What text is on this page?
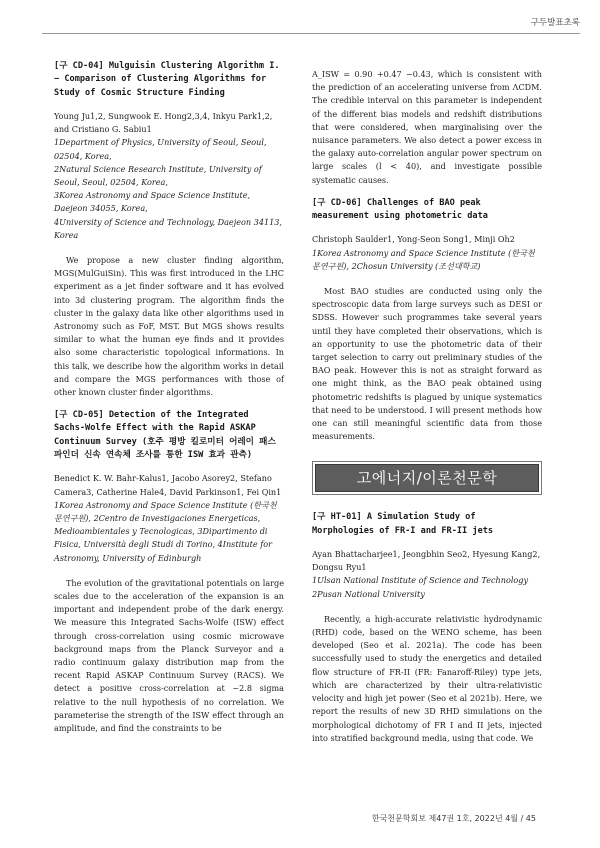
구두발표초록

[구 CD-04] Mulguisin Clustering Algorithm I. − Comparison of Clustering Algorithms for Study of Cosmic Structure Finding

Young Ju1,2, Sungwook E. Hong2,3,4, Inkyu Park1,2, and Cristiano G. Sabiu1
1Department of Physics, University of Seoul, Seoul, 02504, Korea,
2Natural Science Research Institute, University of Seoul, Seoul, 02504, Korea,
3Korea Astronomy and Space Science Institute, Daejeon 34055, Korea,
4University of Science and Technology, Daejeon 34113, Korea
We propose a new cluster finding algorithm, MGS(MulGuiSin). This was first introduced in the LHC experiment as a jet finder software and it has evolved into 3d clustering program. The algorithm finds the cluster in the galaxy data like other algorithms used in Astronomy such as FoF, MST. But MGS shows results similar to what the human eye finds and it provides also some characteristic topological informations. In this talk, we describe how the algorithm works in detail and compare the MGS performances with those of other known cluster finder algorithms.

[구 CD-05] Detection of the Integrated Sachs-Wolfe Effect with the Rapid ASKAP Continuum Survey (호주 평방 킬로미터 어레이 패스파인더 신속 연속체 조사를 통한 ISW 효과 관측)

Benedict K. W. Bahr-Kalus1, Jacobo Asorey2, Stefano Camera3, Catherine Hale4, David Parkinson1, Fei Qin1
1Korea Astronomy and Space Science Institute (한국천문연구원), 2Centro de Investigaciones Energeticas, Medioambientales y Tecnologicas, 3Dipartimento di Fisica, Università degli Studi di Torino, 4Institute for Astronomy, University of Edinburgh
The evolution of the gravitational potentials on large scales due to the acceleration of the expansion is an important and independent probe of the dark energy. We measure this Integrated Sachs-Wolfe (ISW) effect through cross-correlation using cosmic microwave background maps from the Planck Surveyor and a radio continuum galaxy distribution map from the recent Rapid ASKAP Continuum Survey (RACS). We detect a positive cross-correlation at ~2.8 sigma relative to the null hypothesis of no correlation. We parameterise the strength of the ISW effect through an amplitude, and find the constraints to be
A_ISW = 0.90 +0.47 −0.43, which is consistent with the prediction of an accelerating universe from ΛCDM. The credible interval on this parameter is independent of the different bias models and redshift distributions that were considered, when marginalising over the nuisance parameters. We also detect a power excess in the galaxy auto-correlation angular power spectrum on large scales (l < 40), and investigate possible systematic causes.

[구 CD-06] Challenges of BAO peak measurement using photometric data

Christoph Saulder1, Yong-Seon Song1, Minji Oh2
1Korea Astronomy and Space Science Institute (한국천문연구원), 2Chosun University (조선대학교)
Most BAO studies are conducted using only the spectroscopic data from large surveys such as DESI or SDSS. However such programmes take several years until they have completed their observations, which is an opportunity to use the photometric data of their target selection to carry out preliminary studies of the BAO peak. However this is not as straight forward as one might think, as the BAO peak obtained using photometric redshifts is plagued by unique systematics that need to be understood. I will present methods how one can still meaningful scientific data from those measurements.
고에너지/이론천문학

[구 HT-01] A Simulation Study of Morphologies of FR-I and FR-II jets

Ayan Bhattacharjee1, Jeongbhin Seo2, Hyesung Kang2, Dongsu Ryu1
1Ulsan National Institute of Science and Technology
2Pusan National University
Recently, a high-accurate relativistic hydrodynamic (RHD) code, based on the WENO scheme, has been developed (Seo et al. 2021a). The code has been successfully used to study the energetics and detailed flow structure of FR-II (FR: Fanaroff-Riley) type jets, which are characterized by their ultra-relativistic velocity and high jet power (Seo et al 2021b). Here, we report the results of new 3D RHD simulations on the morphological dichotomy of FR I and II jets, injected into stratified background media, using that code. We
한국천문학회보 제47권 1호, 2022년 4월 / 45
